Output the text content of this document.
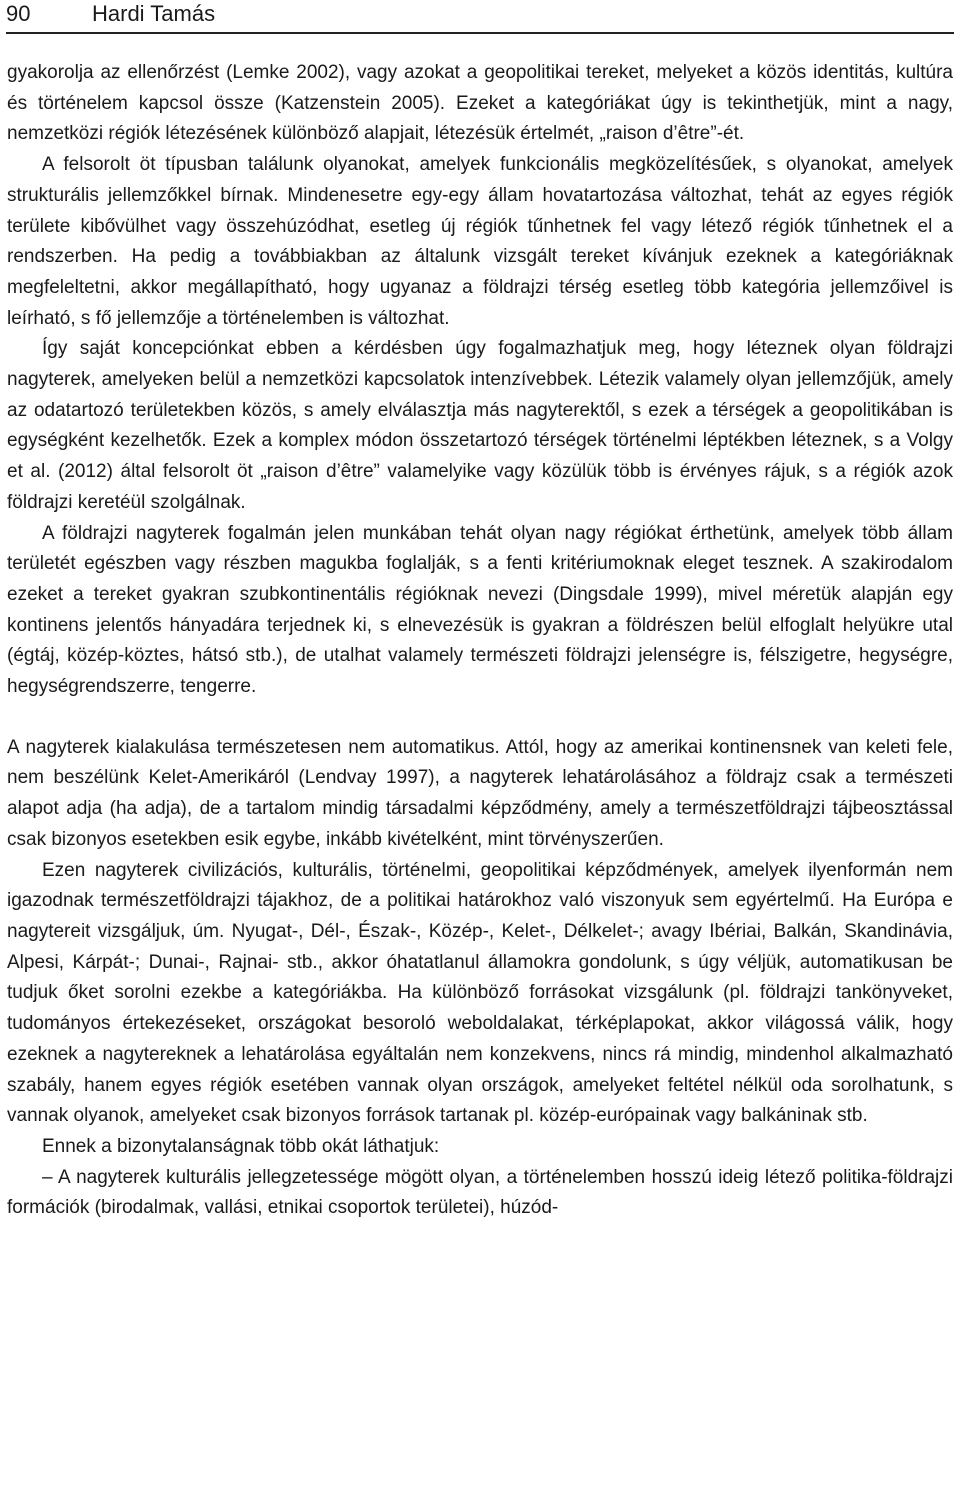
90	Hardi Tamás

gyakorolja az ellenőrzést (Lemke 2002), vagy azokat a geopolitikai tereket, melyeket a közös identitás, kultúra és történelem kapcsol össze (Katzenstein 2005). Ezeket a kategóriákat úgy is tekinthetjük, mint a nagy, nemzetközi régiók létezésének különböző alapjait, létezésük értelmét, „raison d’être”-ét.

A felsorolt öt típusban találunk olyanokat, amelyek funkcionális megközelítésűek, s olyanokat, amelyek strukturális jellemzőkkel bírnak. Mindenesetre egy-egy állam hovatartozása változhat, tehát az egyes régiók területe kibővülhet vagy összehúzódhat, esetleg új régiók tűnhetnek fel vagy létező régiók tűnhetnek el a rendszerben. Ha pedig a továbbiakban az általunk vizsgált tereket kívánjuk ezeknek a kategóriáknak megfeleltetni, akkor megállapítható, hogy ugyanaz a földrajzi térség esetleg több kategória jellemzőivel is leírható, s fő jellemzője a történelemben is változhat.

Így saját koncepciónkat ebben a kérdésben úgy fogalmazhatjuk meg, hogy léteznek olyan földrajzi nagyterek, amelyeken belül a nemzetközi kapcsolatok intenzívebbek. Létezik valamely olyan jellemzőjük, amely az odatartozó területekben közös, s amely elválasztja más nagyterektől, s ezek a térségek a geopolitikában is egységként kezelhetők. Ezek a komplex módon összetartozó térségek történelmi léptékben léteznek, s a Volgy et al. (2012) által felsorolt öt „raison d’être” valamelyike vagy közülük több is érvényes rájuk, s a régiók azok földrajzi keretéül szolgálnak.

A földrajzi nagyterek fogalmán jelen munkában tehát olyan nagy régiókat érthetünk, amelyek több állam területét egészben vagy részben magukba foglalják, s a fenti kritériumoknak eleget tesznek. A szakirodalom ezeket a tereket gyakran szubkontinentális régióknak nevezi (Dingsdale 1999), mivel méretük alapján egy kontinens jelentős hányadára terjednek ki, s elnevezésük is gyakran a földrészen belül elfoglalt helyükre utal (égtáj, közép-köztes, hátsó stb.), de utalhat valamely természeti földrajzi jelenségre is, félszigetre, hegységre, hegységrendszerre, tengerre.

A nagyterek kialakulása természetesen nem automatikus. Attól, hogy az amerikai kontinensnek van keleti fele, nem beszélünk Kelet-Amerikáról (Lendvay 1997), a nagyterek lehatárolásához a földrajz csak a természeti alapot adja (ha adja), de a tartalom mindig társadalmi képződmény, amely a természetföldrajzi tájbeosztással csak bizonyos esetekben esik egybe, inkább kivételként, mint törvényszerűen.

Ezen nagyterek civilizációs, kulturális, történelmi, geopolitikai képződmények, amelyek ilyenformán nem igazodnak természetföldrajzi tájakhoz, de a politikai határokhoz való viszonyuk sem egyértelmű. Ha Európa e nagytereit vizsgáljuk, úm. Nyugat-, Dél-, Észak-, Közép-, Kelet-, Délkelet-; avagy Ibériai, Balkán, Skandinávia, Alpesi, Kárpát-; Dunai-, Rajnai- stb., akkor óhatatlanul államokra gondolunk, s úgy véljük, automatikusan be tudjuk őket sorolni ezekbe a kategóriákba. Ha különböző forrásokat vizsgálunk (pl. földrajzi tankönyveket, tudományos értekezéseket, országokat besoroló weboldalakat, térképlapokat, akkor világossá válik, hogy ezeknek a nagytereknek a lehatárolása egyáltalán nem konzekvens, nincs rá mindig, mindenhol alkalmazható szabály, hanem egyes régiók esetében vannak olyan országok, amelyeket feltétel nélkül oda sorolhatunk, s vannak olyanok, amelyeket csak bizonyos források tartanak pl. közép-európainak vagy balkáninak stb.

Ennek a bizonytalanságnak több okát láthatjuk:

– A nagyterek kulturális jellegzetessége mögött olyan, a történelemben hosszú ideig létező politika-földrajzi formációk (birodalmak, vallási, etnikai csoportok területei), húzód-
